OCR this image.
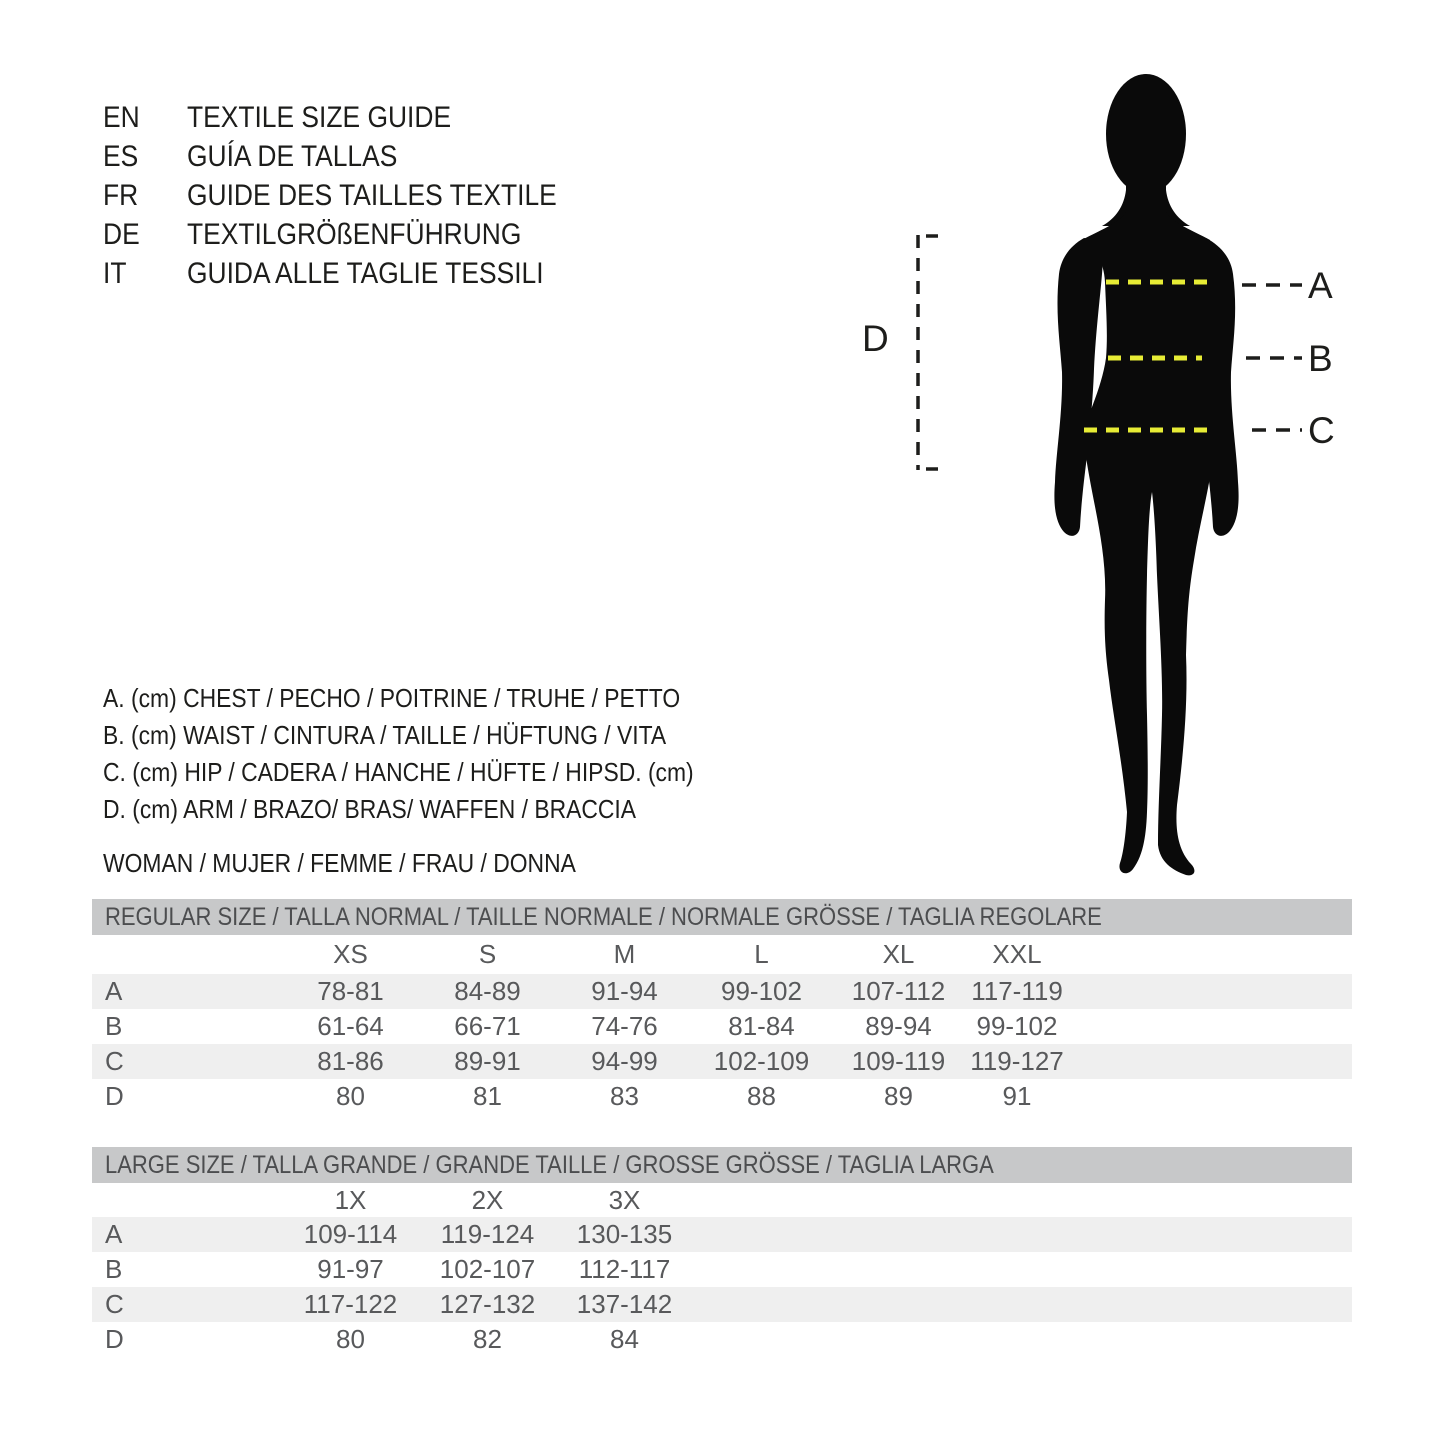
EN	TEXTILE SIZE GUIDE
ES	GUÍA DE TALLAS
FR	GUIDE DES TAILLES TEXTILE
DE	TEXTILGRÖßENFÜHRUNG
IT	GUIDA ALLE TAGLIE TESSILI	A
B
C
D
A. (cm) CHEST / PECHO / POITRINE / TRUHE / PETTO
B. (cm) WAIST / CINTURA / TAILLE / HÜFTUNG / VITA
C. (cm) HIP / CADERA / HANCHE / HÜFTE / HIPSD. (cm)
D. (cm) ARM / BRAZO/ BRAS/ WAFFEN / BRACCIA
WOMAN / MUJER / FEMME / FRAU / DONNA
REGULAR SIZE / TALLA NORMAL / TAILLE NORMALE / NORMALE GRÖSSE / TAGLIA REGOLARE
XS	S	M	L	XL	XXL
A	78-81	84-89	91-94	99-102	107-112 117-119
B	61-64	66-71	74-76	81-84	89-94	99-102
C	81-86	89-91	94-99	102-109	109-119 119-127
D	80	81	83	88	89	91
LARGE SIZE / TALLA GRANDE / GRANDE TAILLE / GROSSE GRÖSSE / TAGLIA LARGA
1X	2X	3X
A	109-114	119-124	130-135
B	91-97	102-107	112-117
C	117-122	127-132	137-142
D	80	82	84
